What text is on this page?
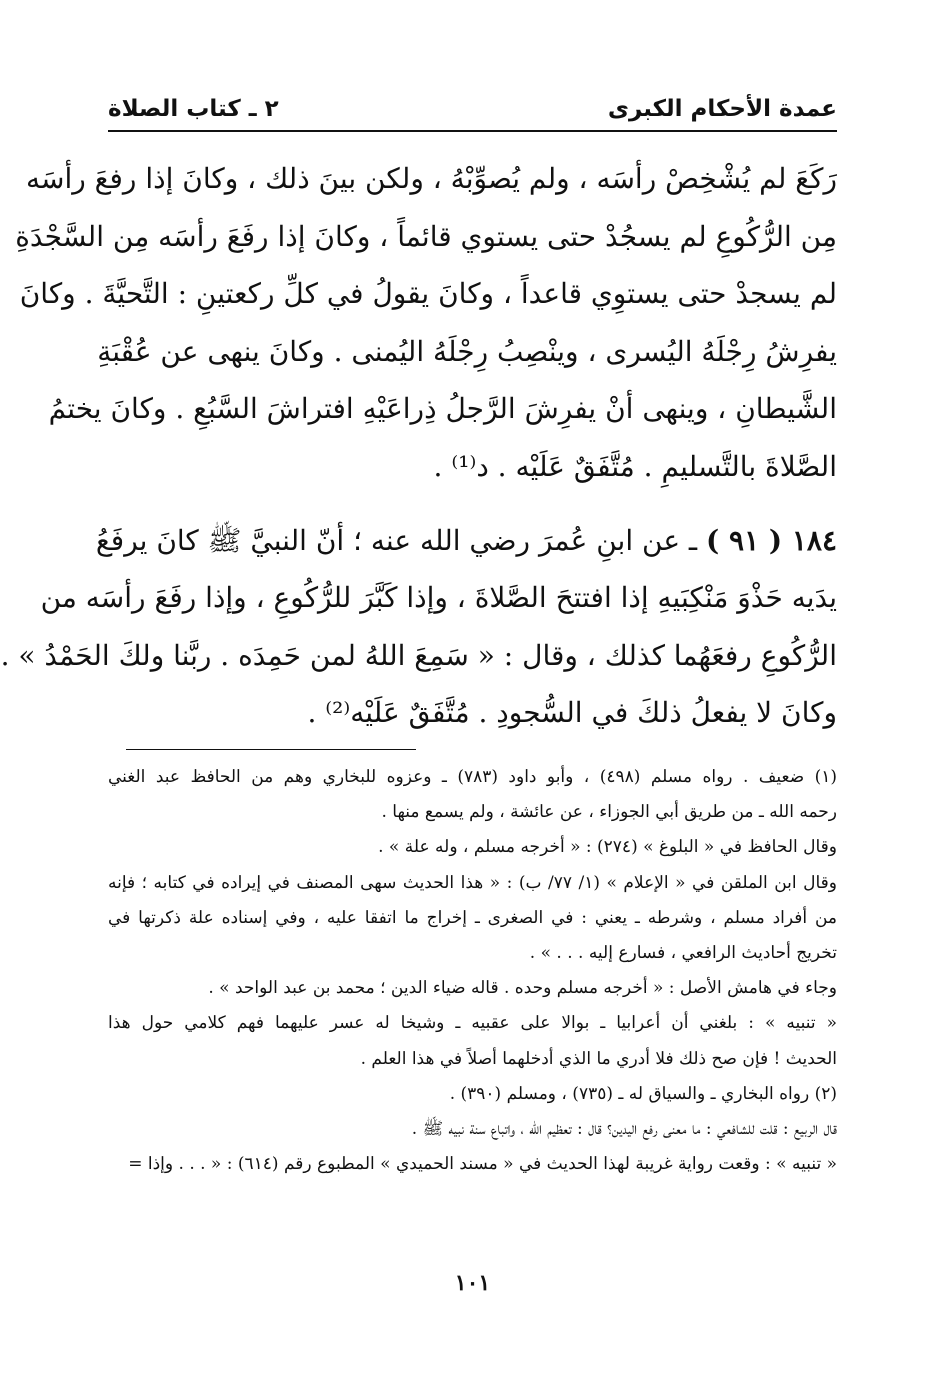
عمدة الأحكام الكبرى
٢ ـ كتاب الصلاة
رَكَعَ لم يُشْخِصْ رأسَه ، ولم يُصوِّبْهُ ، ولكن بينَ ذلك ، وكانَ إذا رفعَ رأسَه
مِن الرُّكُوعِ لم يسجُدْ حتى يستوي قائماً ، وكانَ إذا رفَعَ رأسَه مِن السَّجْدَةِ
لم يسجدْ حتى يستوِي قاعداً ، وكانَ يقولُ في كلِّ ركعتينِ : التَّحيَّةَ . وكانَ
يفرِشُ رِجْلَهُ اليُسرى ، وينْصِبُ رِجْلَهُ اليُمنى . وكانَ ينهى عن عُقْبَةِ
الشَّيطانِ ، وينهى أنْ يفرِشَ الرَّجلُ ذِراعَيْهِ افتراشَ السَّبُعِ . وكانَ يختمُ
الصَّلاةَ بالتَّسليمِ . مُتَّفَقٌ عَلَيْه . د⁽¹⁾ .
١٨٤ ( ٩١ ) ـ عن ابنِ عُمرَ رضي الله عنه ؛ أنّ النبيَّ ﷺ كانَ يرفَعُ
يدَيه حَذْوَ مَنْكِبَيهِ إذا افتتحَ الصَّلاةَ ، وإذا كَبَّرَ للرُّكُوعِ ، وإذا رفَعَ رأسَه من
الرُّكُوعِ رفعَهُما كذلك ، وقال : « سَمِعَ اللهُ لمن حَمِدَه . ربَّنا ولكَ الحَمْدُ » .
وكانَ لا يفعلُ ذلكَ في السُّجودِ . مُتَّفَقٌ عَلَيْه⁽²⁾ .
(١) ضعيف . رواه مسلم (٤٩٨) ، وأبو داود (٧٨٣) ـ وعزوه للبخاري وهم من الحافظ عبد الغني
رحمه الله ـ من طريق أبي الجوزاء ، عن عائشة ، ولم يسمع منها .
وقال الحافظ في « البلوغ » (٢٧٤) : « أخرجه مسلم ، وله علة » .
وقال ابن الملقن في « الإعلام » (١/ ٧٧/ ب) : « هذا الحديث سهى المصنف في إيراده في كتابه ؛ فإنه
من أفراد مسلم ، وشرطه ـ يعني : في الصغرى ـ إخراج ما اتفقا عليه ، وفي إسناده علة ذكرتها في
تخريج أحاديث الرافعي ، فسارع إليه . . . » .
وجاء في هامش الأصل : « أخرجه مسلم وحده . قاله ضياء الدين ؛ محمد بن عبد الواحد » .
« تنبيه » : بلغني أن أعرابيا ـ بوالا على عقبيه ـ وشيخا له عسر عليهما فهم كلامي حول هذا
الحديث ! فإن صح ذلك فلا أدري ما الذي أدخلهما أصلاً في هذا العلم .
(٢) رواه البخاري ـ والسياق له ـ (٧٣٥) ، ومسلم (٣٩٠) .
قال الربيع : قلت للشافعي : ما معنى رفع اليدين؟ قال : تعظيم الله ، واتباع سنة نبيه ﷺ .
« تنبيه » : وقعت رواية غريبة لهذا الحديث في « مسند الحميدي » المطبوع رقم (٦١٤) : « . . . وإذا =
١٠١
